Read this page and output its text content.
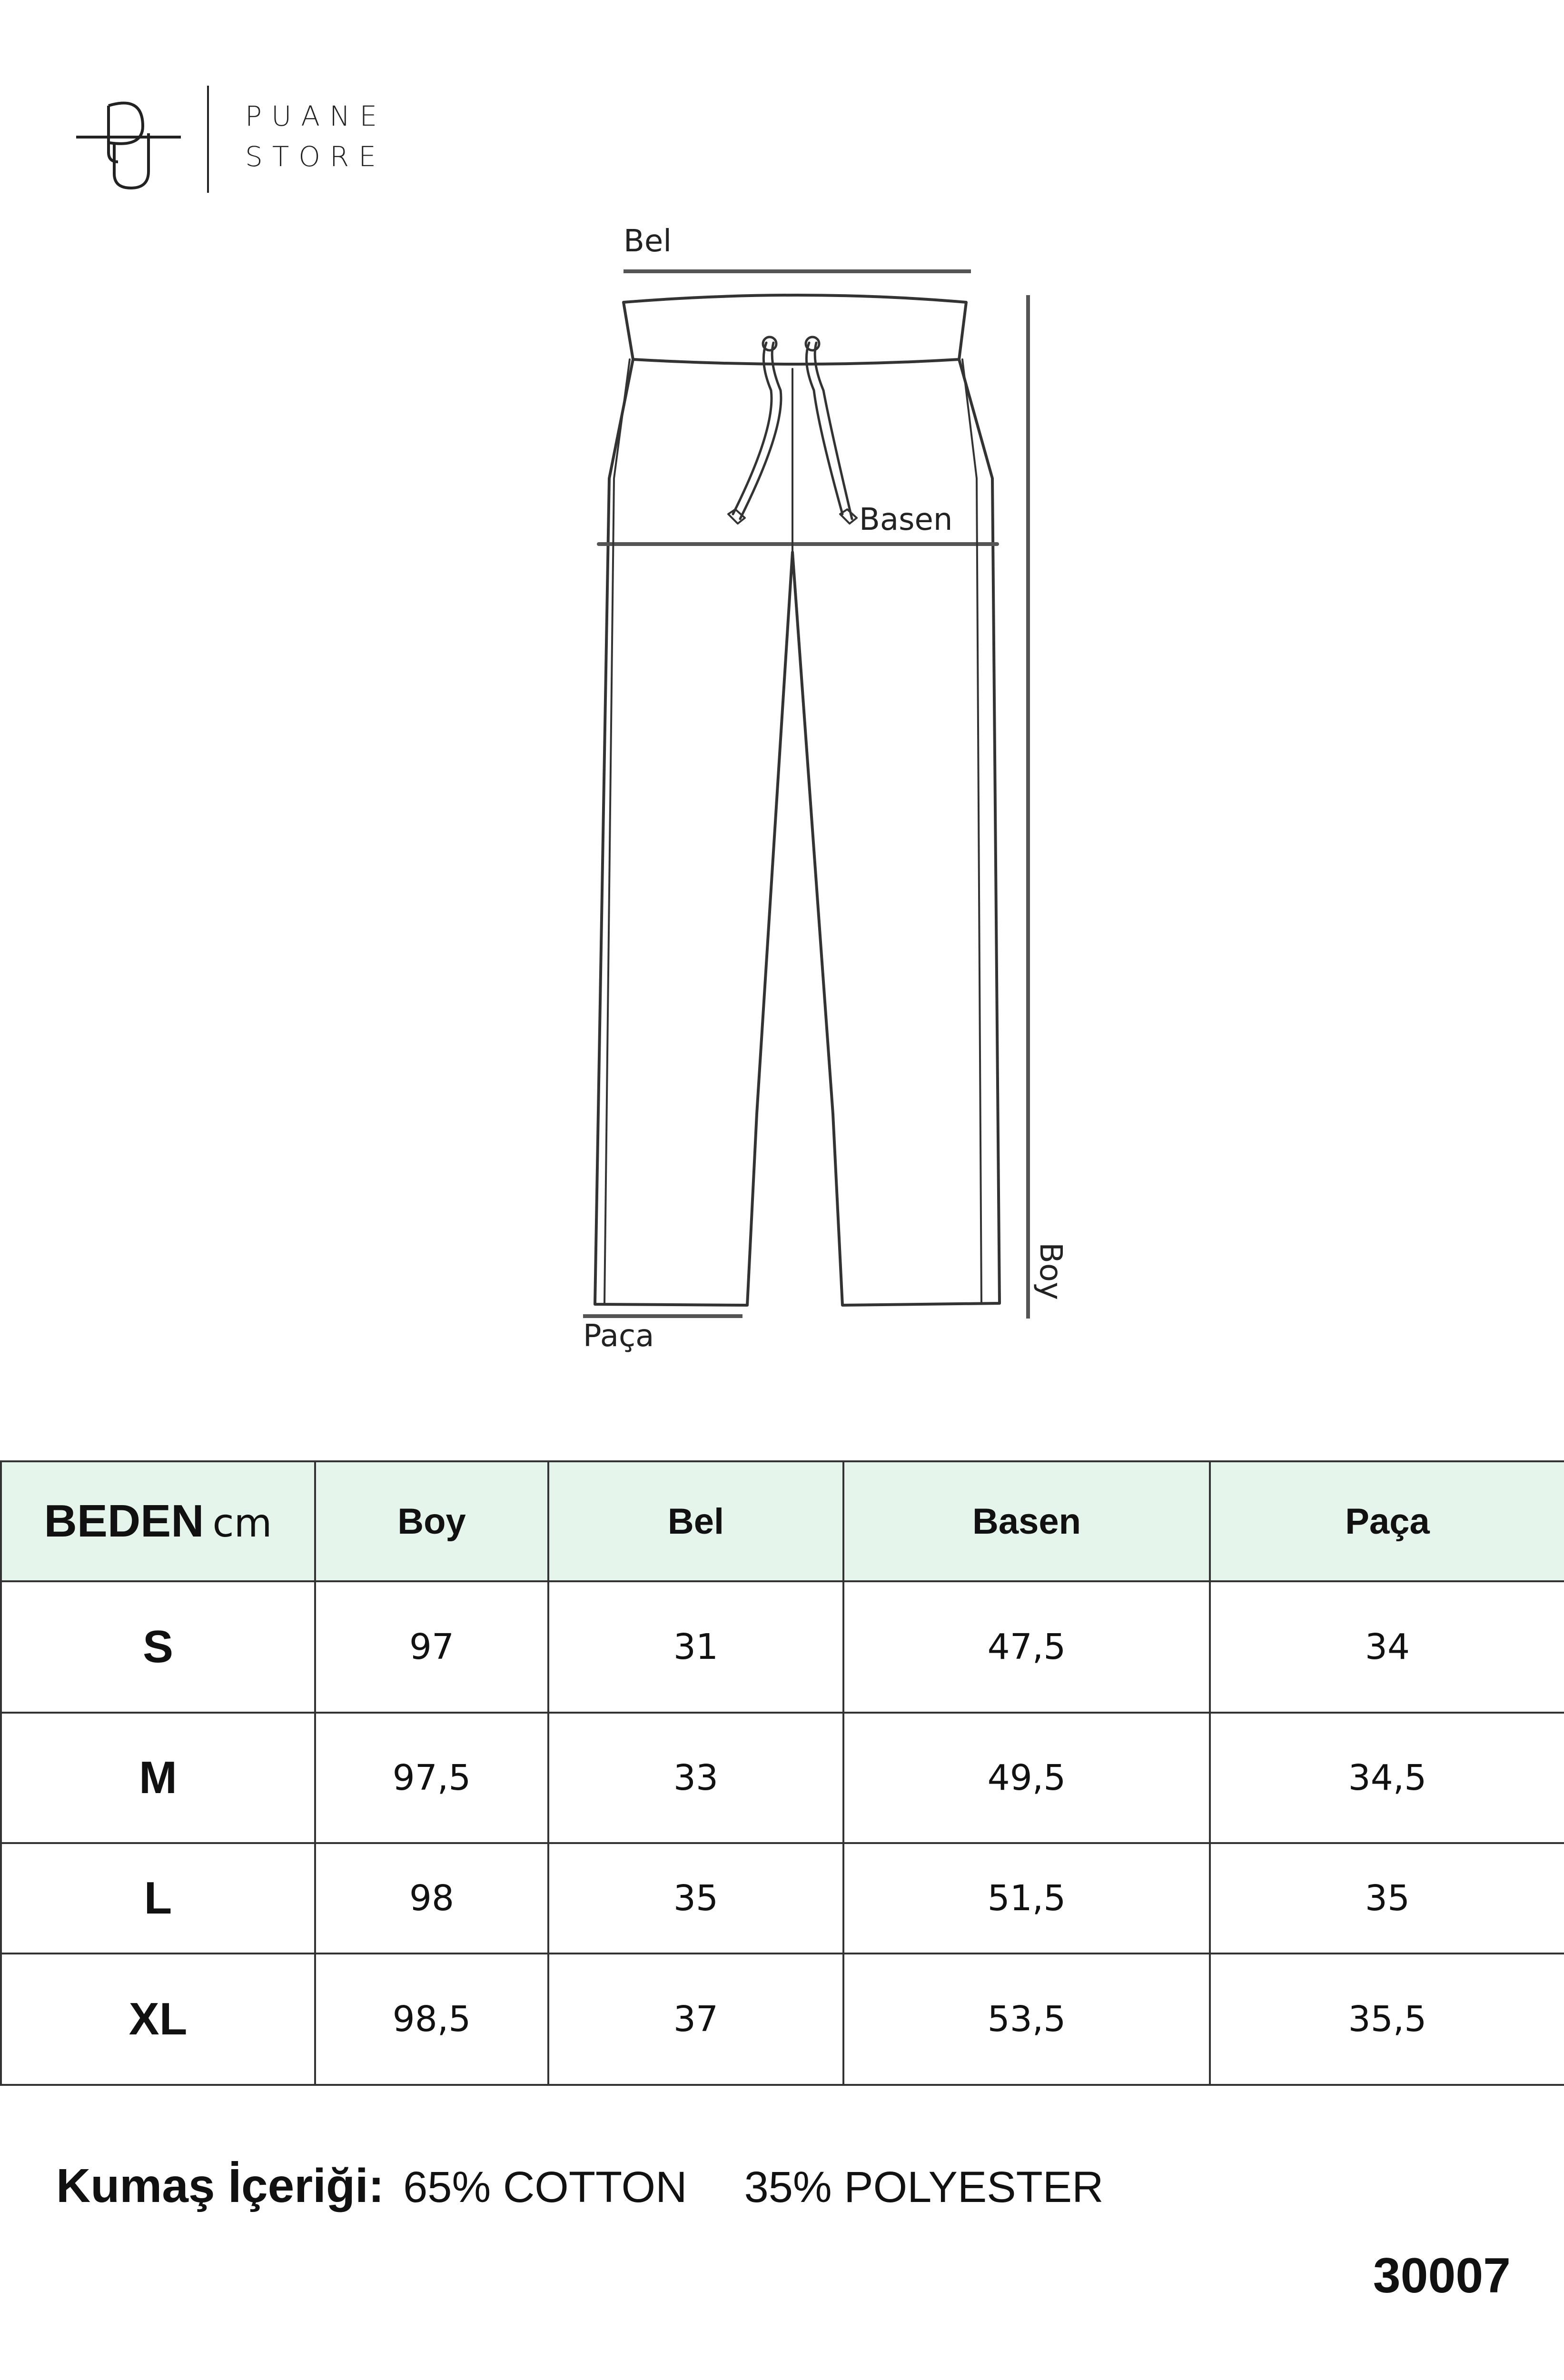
PUANE
STORE
Bel
Basen
Paça
Boy
BEDEN cm	Boy	Bel	Basen	Paça
S	97	31	47,5	34
M	97,5	33	49,5	34,5
L	98	35	51,5	35
XL	98,5	37	53,5	35,5
Kumaş İçeriği: 65% COTTON 35% POLYESTER
30007
